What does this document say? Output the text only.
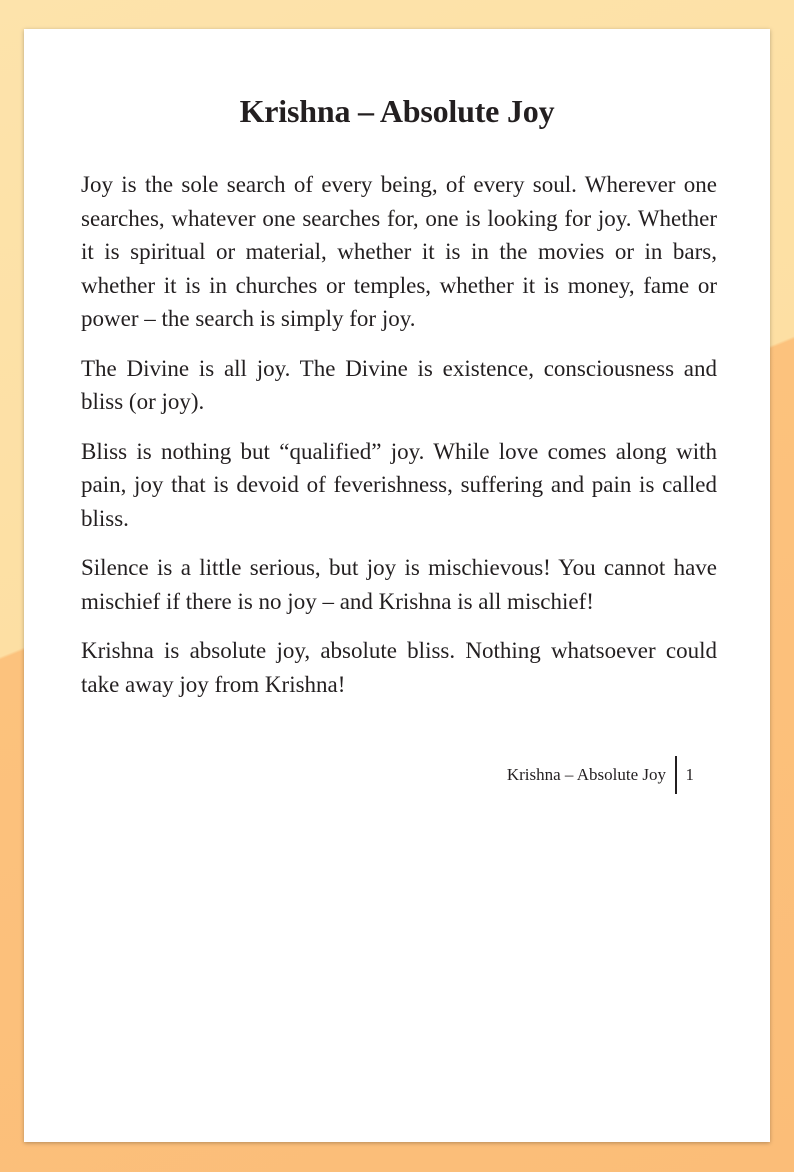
Krishna – Absolute Joy

Joy is the sole search of every being, of every soul. Wherever one searches, whatever one searches for, one is looking for joy. Whether it is spiritual or material, whether it is in the movies or in bars, whether it is in churches or temples, whether it is money, fame or power – the search is simply for joy.

The Divine is all joy. The Divine is existence, consciousness and bliss (or joy).

Bliss is nothing but “qualified” joy. While love comes along with pain, joy that is devoid of feverishness, suffering and pain is called bliss.

Silence is a little serious, but joy is mischievous! You cannot have mischief if there is no joy – and Krishna is all mischief!

Krishna is absolute joy, absolute bliss. Nothing whatsoever could take away joy from Krishna!

Krishna – Absolute Joy 1
